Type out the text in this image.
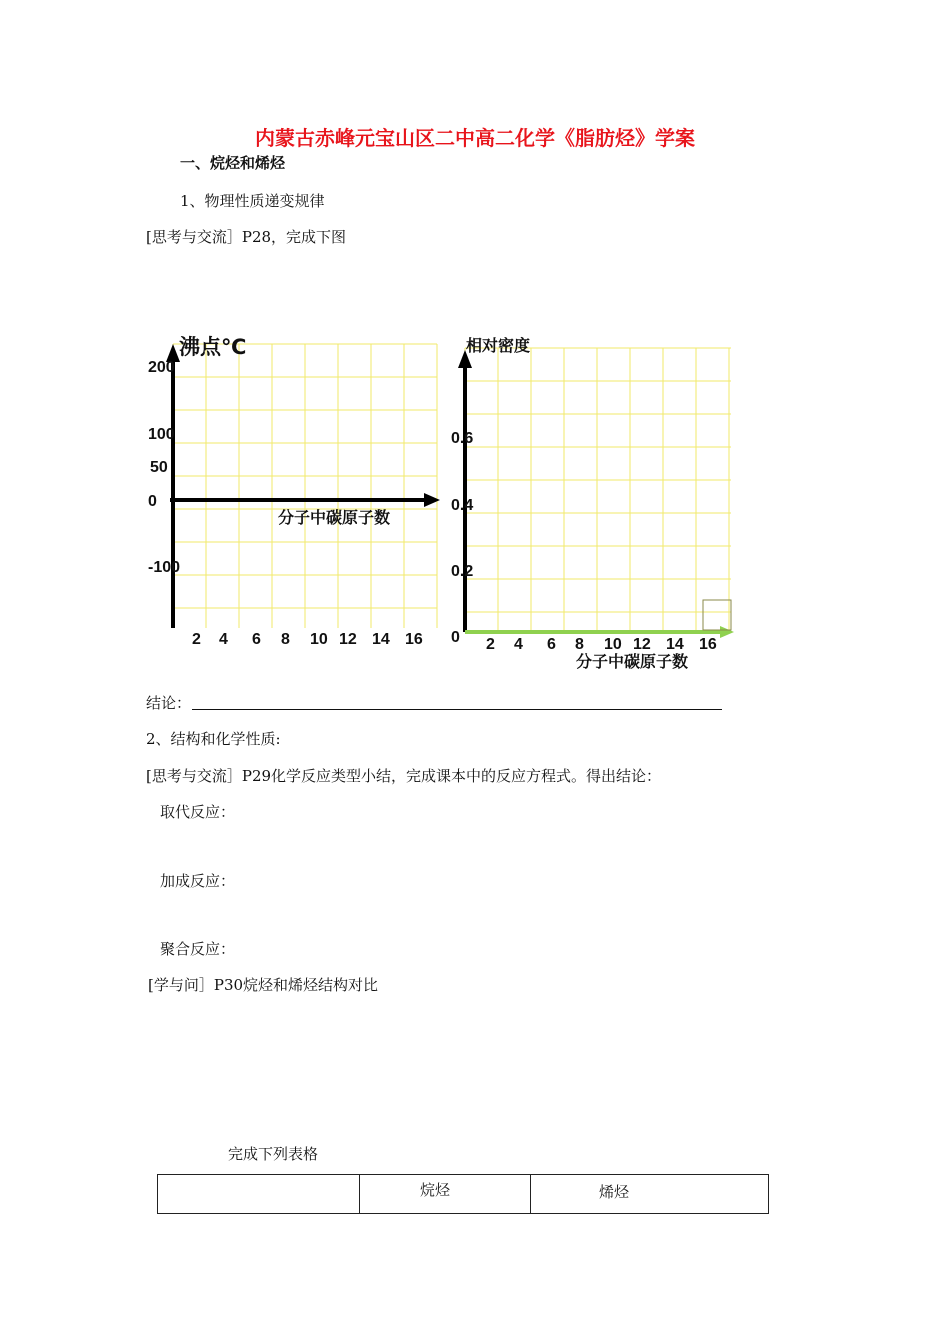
内蒙古赤峰元宝山区二中高二化学《脂肪烃》学案
一、烷烃和烯烃
1、物理性质递变规律
[思考与交流］P28，完成下图
沸点℃
200
100
50
0
-100
分子中碳原子数
2 4 6 8 10 12 14 16
相对密度
0.6
0.4
0.2
0
分子中碳原子数
2 4 6 8 10 12 14 16
结论：
2、结构和化学性质:
[思考与交流］P29化学反应类型小结，完成课本中的反应方程式。得出结论：
取代反应：
加成反应：
聚合反应：
[学与问］P30烷烃和烯烃结构对比
完成下列表格
	烷烃	烯烃
